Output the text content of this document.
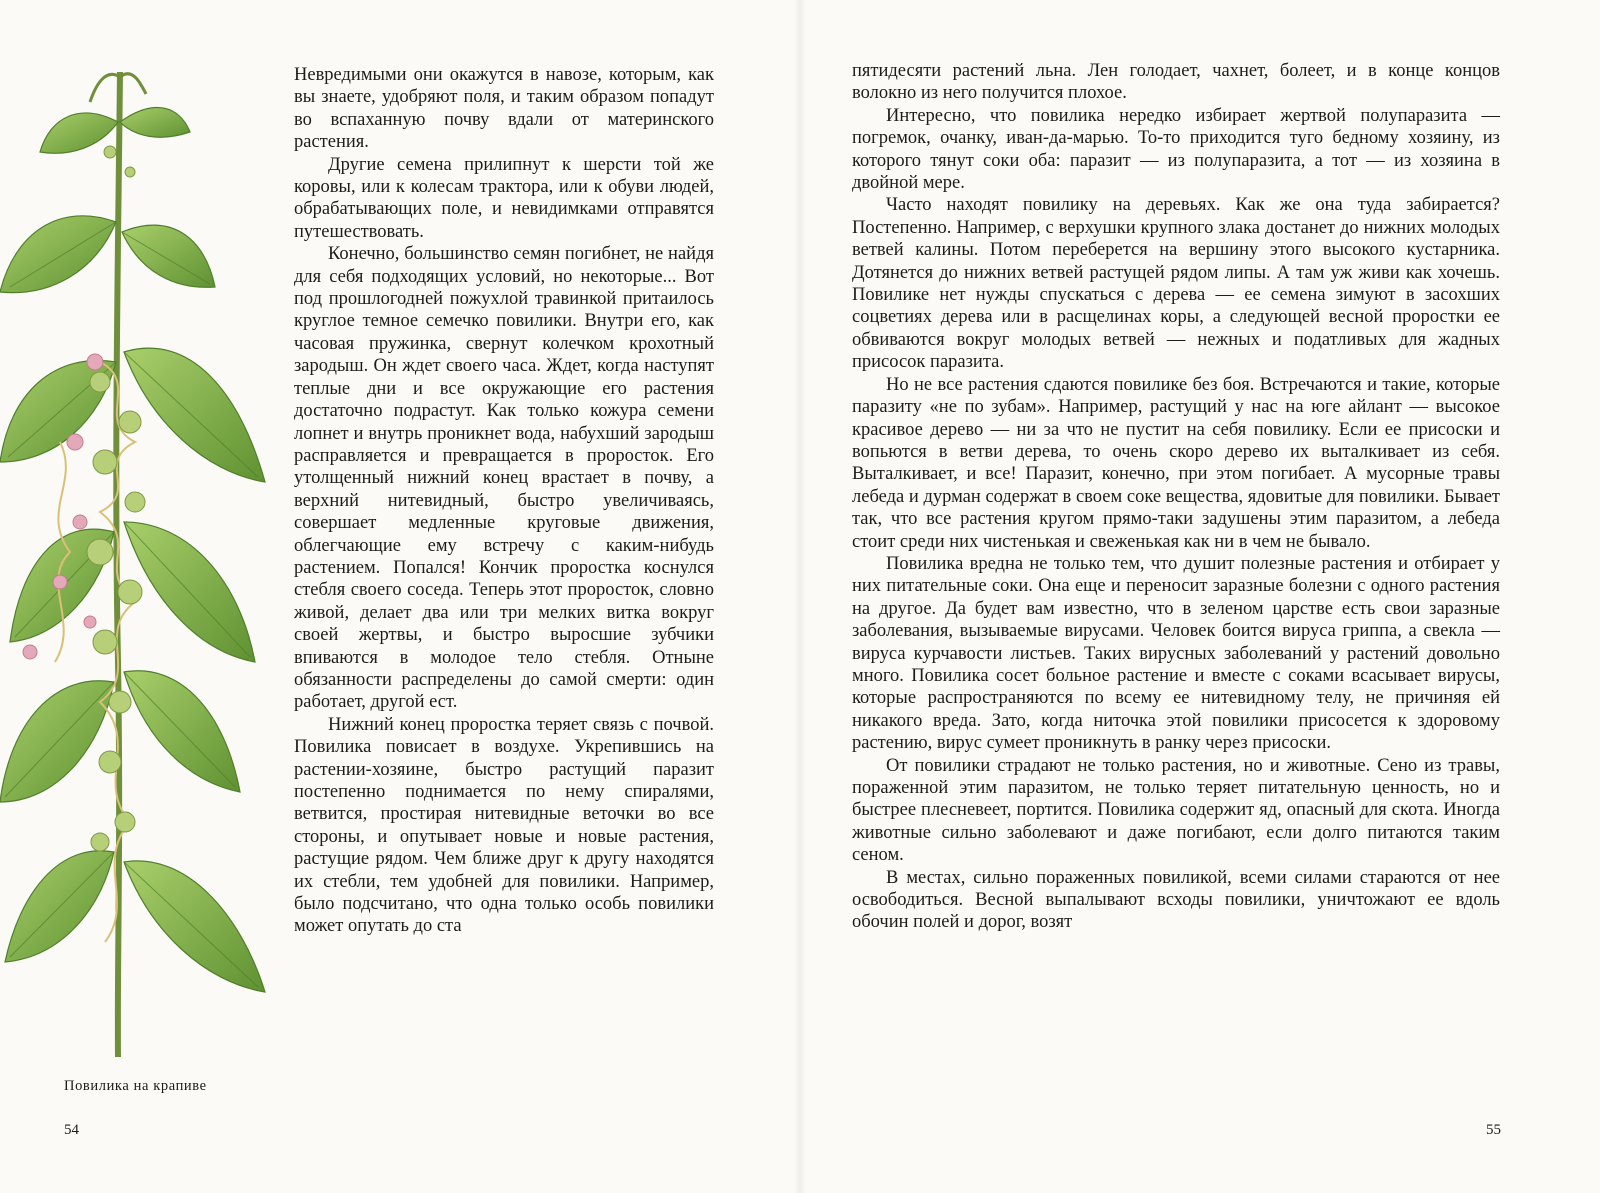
Повилика на крапиве

Невредимыми они окажутся в навозе, которым, как вы знаете, удобряют поля, и таким образом попадут во вспаханную почву вдали от материнского растения.

Другие семена прилипнут к шерсти той же коровы, или к колесам трактора, или к обуви людей, обрабатывающих поле, и невидимками отправятся путешествовать.

Конечно, большинство семян погибнет, не найдя для себя подходящих условий, но некоторые... Вот под прошлогодней пожухлой травинкой притаилось круглое темное семечко повилики. Внутри его, как часовая пружинка, свернут колечком крохотный зародыш. Он ждет своего часа. Ждет, когда наступят теплые дни и все окружающие его растения достаточно подрастут. Как только кожура семени лопнет и внутрь проникнет вода, набухший зародыш расправляется и превращается в проросток. Его утолщенный нижний конец врастает в почву, а верхний нитевидный, быстро увеличиваясь, совершает медленные круговые движения, облегчающие ему встречу с каким-нибудь растением. Попался! Кончик проростка коснулся стебля своего соседа. Теперь этот проросток, словно живой, делает два или три мелких витка вокруг своей жертвы, и быстро выросшие зубчики впиваются в молодое тело стебля. Отныне обязанности распределены до самой смерти: один работает, другой ест.

Нижний конец проростка теряет связь с почвой. Повилика повисает в воздухе. Укрепившись на растении-хозяине, быстро растущий паразит постепенно поднимается по нему спиралями, ветвится, простирая нитевидные веточки во все стороны, и опутывает новые и новые растения, растущие рядом. Чем ближе друг к другу находятся их стебли, тем удобней для повилики. Например, было подсчитано, что одна только особь повилики может опутать до ста

54

пятидесяти растений льна. Лен голодает, чахнет, болеет, и в конце концов волокно из него получится плохое.

Интересно, что повилика нередко избирает жертвой полупаразита — погремок, очанку, иван-да-марью. То-то приходится туго бедному хозяину, из которого тянут соки оба: паразит — из полупаразита, а тот — из хозяина в двойной мере.

Часто находят повилику на деревьях. Как же она туда забирается? Постепенно. Например, с верхушки крупного злака достанет до нижних молодых ветвей калины. Потом переберется на вершину этого высокого кустарника. Дотянется до нижних ветвей растущей рядом липы. А там уж живи как хочешь. Повилике нет нужды спускаться с дерева — ее семена зимуют в засохших соцветиях дерева или в расщелинах коры, а следующей весной проростки ее обвиваются вокруг молодых ветвей — нежных и податливых для жадных присосок паразита.

Но не все растения сдаются повилике без боя. Встречаются и такие, которые паразиту «не по зубам». Например, растущий у нас на юге айлант — высокое красивое дерево — ни за что не пустит на себя повилику. Если ее присоски и вопьются в ветви дерева, то очень скоро дерево их выталкивает из себя. Выталкивает, и все! Паразит, конечно, при этом погибает. А мусорные травы лебеда и дурман содержат в своем соке вещества, ядовитые для повилики. Бывает так, что все растения кругом прямо-таки задушены этим паразитом, а лебеда стоит среди них чистенькая и свеженькая как ни в чем не бывало.

Повилика вредна не только тем, что душит полезные растения и отбирает у них питательные соки. Она еще и переносит заразные болезни с одного растения на другое. Да будет вам известно, что в зеленом царстве есть свои заразные заболевания, вызываемые вирусами. Человек боится вируса гриппа, а свекла — вируса курчавости листьев. Таких вирусных заболеваний у растений довольно много. Повилика сосет больное растение и вместе с соками всасывает вирусы, которые распространяются по всему ее нитевидному телу, не причиняя ей никакого вреда. Зато, когда ниточка этой повилики присосется к здоровому растению, вирус сумеет проникнуть в ранку через присоски.

От повилики страдают не только растения, но и животные. Сено из травы, пораженной этим паразитом, не только теряет питательную ценность, но и быстрее плесневеет, портится. Повилика содержит яд, опасный для скота. Иногда животные сильно заболевают и даже погибают, если долго питаются таким сеном.

В местах, сильно пораженных повиликой, всеми силами стараются от нее освободиться. Весной выпалывают всходы повилики, уничтожают ее вдоль обочин полей и дорог, возят

55
